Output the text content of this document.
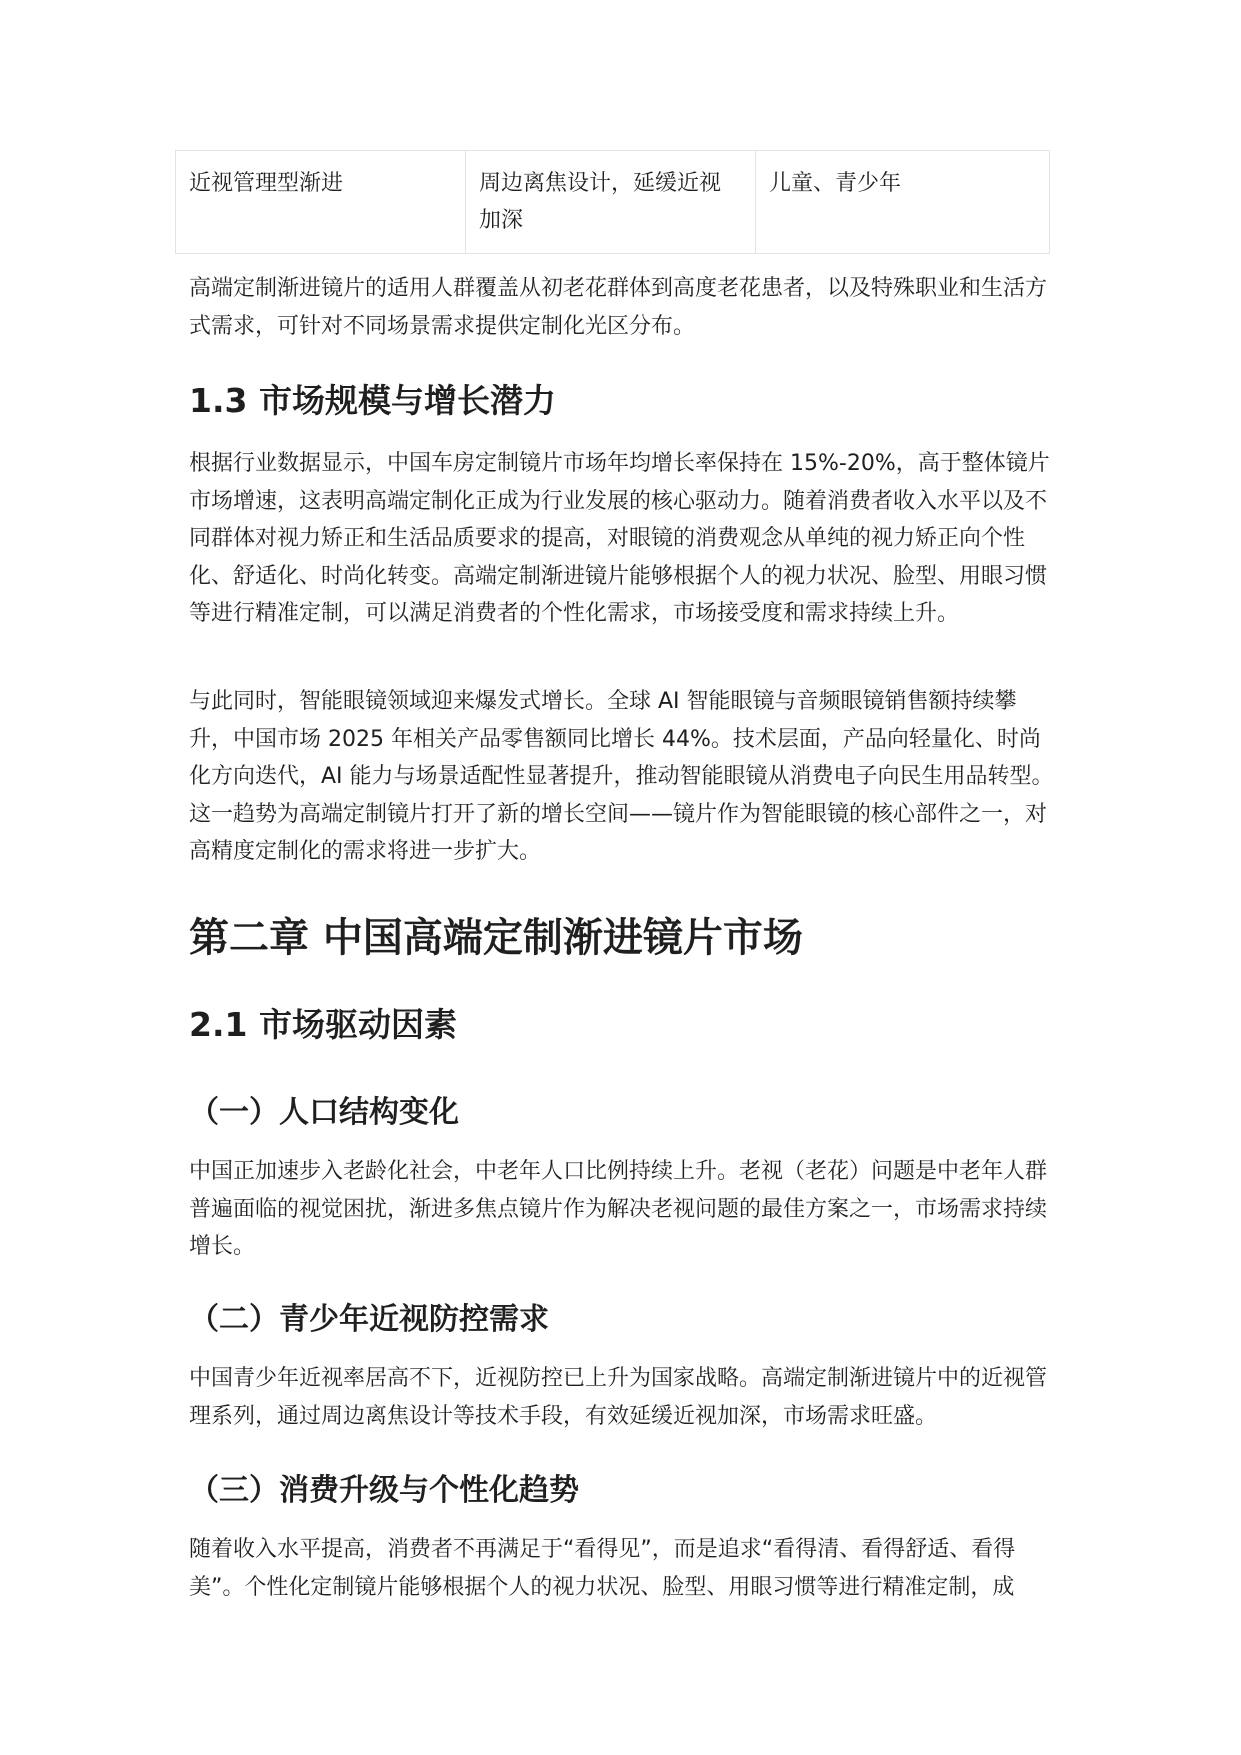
近视管理型渐进	周边离焦设计，延缓近视加深	儿童、青少年

高端定制渐进镜片的适用人群覆盖从初老花群体到高度老花患者，以及特殊职业和生活方式需求，可针对不同场景需求提供定制化光区分布。

1.3 市场规模与增长潜力

根据行业数据显示，中国车房定制镜片市场年均增长率保持在 15%-20%，高于整体镜片市场增速，这表明高端定制化正成为行业发展的核心驱动力。随着消费者收入水平以及不同群体对视力矫正和生活品质要求的提高，对眼镜的消费观念从单纯的视力矫正向个性化、舒适化、时尚化转变。高端定制渐进镜片能够根据个人的视力状况、脸型、用眼习惯等进行精准定制，可以满足消费者的个性化需求，市场接受度和需求持续上升。

与此同时，智能眼镜领域迎来爆发式增长。全球 AI 智能眼镜与音频眼镜销售额持续攀升，中国市场 2025 年相关产品零售额同比增长 44%。技术层面，产品向轻量化、时尚化方向迭代，AI 能力与场景适配性显著提升，推动智能眼镜从消费电子向民生用品转型。这一趋势为高端定制镜片打开了新的增长空间——镜片作为智能眼镜的核心部件之一，对高精度定制化的需求将进一步扩大。

第二章 中国高端定制渐进镜片市场
2.1 市场驱动因素
（一）人口结构变化

中国正加速步入老龄化社会，中老年人口比例持续上升。老视（老花）问题是中老年人群普遍面临的视觉困扰，渐进多焦点镜片作为解决老视问题的最佳方案之一，市场需求持续增长。

（二）青少年近视防控需求

中国青少年近视率居高不下，近视防控已上升为国家战略。高端定制渐进镜片中的近视管理系列，通过周边离焦设计等技术手段，有效延缓近视加深，市场需求旺盛。

（三）消费升级与个性化趋势

随着收入水平提高，消费者不再满足于“看得见”，而是追求“看得清、看得舒适、看得美”。个性化定制镜片能够根据个人的视力状况、脸型、用眼习惯等进行精准定制，成
